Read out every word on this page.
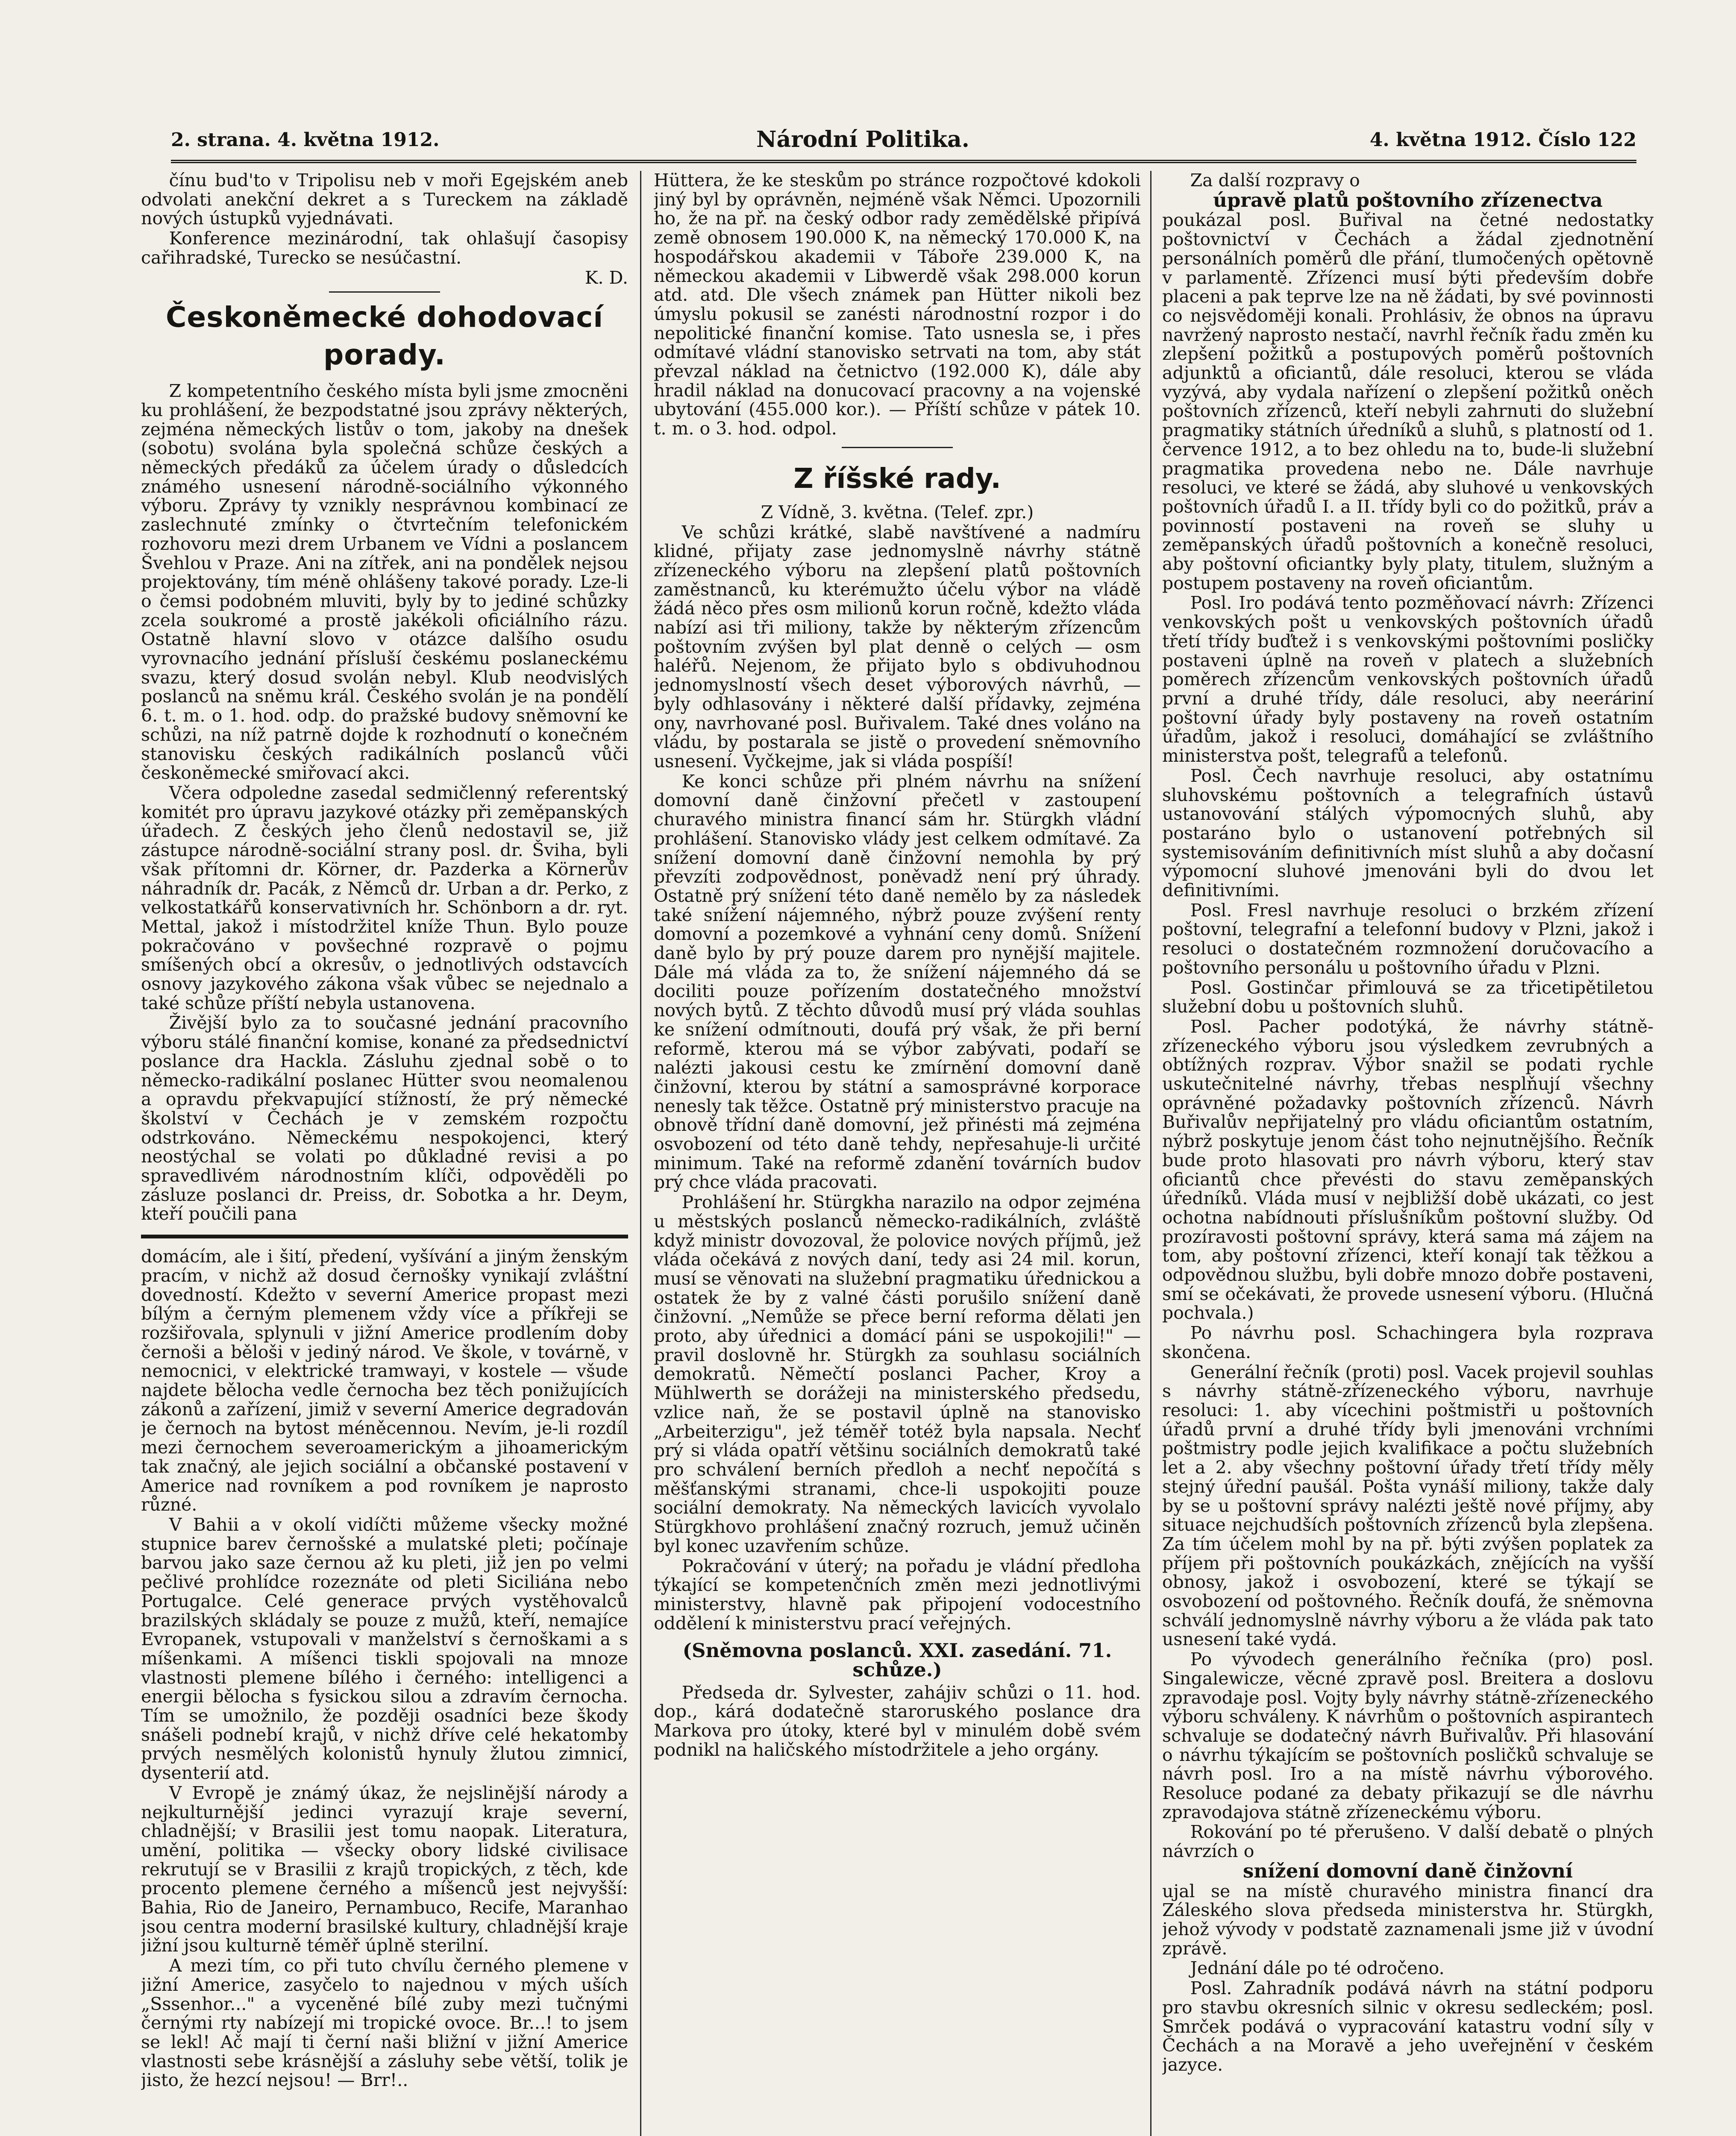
2. strana. 4. května 1912.	Národní Politika.	4. května 1912. Číslo 122

čínu bud'to v Tripolisu neb v moři Egejském aneb odvolati anekční dekret a s Tureckem na základě nových ústupků vyjednávati.

Konference mezinárodní, tak ohlašují časopisy cařihradské, Turecko se nesúčastní.

K. D.

Českoněmecké dohodovací porady.

Z kompetentního českého místa byli jsme zmocněni ku prohlášení, že bezpodstatné jsou zprávy některých, zejména německých listův o tom, jakoby na dnešek (sobotu) svolána byla společná schůze českých a německých předáků za účelem úrady o důsledcích známého usnesení národně-sociálního výkonného výboru. Zprávy ty vznikly nesprávnou kombinací ze zaslechnuté zmínky o čtvrtečním telefonickém rozhovoru mezi drem Urbanem ve Vídni a poslancem Švehlou v Praze. Ani na zítřek, ani na pondělek nejsou projektovány, tím méně ohlášeny takové porady. Lze-li o čemsi podobném mluviti, byly by to jediné schůzky zcela soukromé a prostě jakékoli oficiálního rázu. Ostatně hlavní slovo v otázce dalšího osudu vyrovnacího jednání přísluší českému poslaneckému svazu, který dosud svolán nebyl. Klub neodvislých poslanců na sněmu král. Českého svolán je na pondělí 6. t. m. o 1. hod. odp. do pražské budovy sněmovní ke schůzi, na níž patrně dojde k rozhodnutí o konečném stanovisku českých radikálních poslanců vůči českoněmecké smiřovací akci.

Včera odpoledne zasedal sedmičlenný referentský komitét pro úpravu jazykové otázky při zeměpanských úřadech. Z českých jeho členů nedostavil se, již zástupce národně-sociální strany posl. dr. Šviha, byli však přítomni dr. Körner, dr. Pazderka a Körnerův náhradník dr. Pacák, z Němců dr. Urban a dr. Perko, z velkostatkářů konservativních hr. Schönborn a dr. ryt. Mettal, jakož i místodržitel kníže Thun. Bylo pouze pokračováno v povšechné rozpravě o pojmu smíšených obcí a okresův, o jednotlivých odstavcích osnovy jazykového zákona však vůbec se nejednalo a také schůze příští nebyla ustanovena.

Živější bylo za to současné jednání pracovního výboru stálé finanční komise, konané za předsednictví poslance dra Hackla. Zásluhu zjednal sobě o to německo-radikální poslanec Hütter svou neomalenou a opravdu překvapující stížností, že prý německé školství v Čechách je v zemském rozpočtu odstrkováno. Německému nespokojenci, který neostýchal se volati po důkladné revisi a po spravedlivém národnostním klíči, odpověděli po zásluze poslanci dr. Preiss, dr. Sobotka a hr. Deym, kteří poučili pana

domácím, ale i šití, předení, vyšívání a jiným ženským pracím, v nichž až dosud černošky vynikají zvláštní dovedností. Kdežto v severní Americe propast mezi bílým a černým plemenem vždy více a příkřeji se rozšiřovala, splynuli v jižní Americe prodlením doby černoši a běloši v jediný národ. Ve škole, v továrně, v nemocnici, v elektrické tramwayi, v kostele — všude najdete bělocha vedle černocha bez těch ponižujících zákonů a zařízení, jimiž v severní Americe degradován je černoch na bytost méněcennou. Nevím, je-li rozdíl mezi černochem severoamerickým a jihoamerickým tak značný, ale jejich sociální a občanské postavení v Americe nad rovníkem a pod rovníkem je naprosto různé.

V Bahii a v okolí vidíčti můžeme všecky možné stupnice barev černošské a mulatské pleti; počínaje barvou jako saze černou až ku pleti, již jen po velmi pečlivé prohlídce rozeznáte od pleti Siciliána nebo Portugalce. Celé generace prvých vystěhovalců brazilských skládaly se pouze z mužů, kteří, nemajíce Evropanek, vstupovali v manželství s černoškami a s míšenkami. A míšenci tiskli spojovali na mnoze vlastnosti plemene bílého i černého: intelligenci a energii bělocha s fysickou silou a zdravím černocha. Tím se umožnilo, že později osadníci beze škody snášeli podnebí krajů, v nichž dříve celé hekatomby prvých nesmělých kolonistů hynuly žlutou zimnicí, dysenterií atd.

V Evropě je známý úkaz, že nejslinější národy a nejkulturnější jedinci vyrazují kraje severní, chladnější; v Brasilii jest tomu naopak. Literatura, umění, politika — všecky obory lidské civilisace rekrutují se v Brasilii z krajů tropických, z těch, kde procento plemene černého a míšenců jest nejvyšší: Bahia, Rio de Janeiro, Pernambuco, Recife, Maranhao jsou centra moderní brasilské kultury, chladnější kraje jižní jsou kulturně téměř úplně sterilní.

A mezi tím, co při tuto chvílu černého plemene v jižní Americe, zasyčelo to najednou v mých uších „Sssenhor..." a vyceněné bílé zuby mezi tučnými černými rty nabízejí mi tropické ovoce. Br...! to jsem se lekl! Ač mají ti černí naši bližní v jižní Americe vlastnosti sebe krásnější a zásluhy sebe větší, tolik je jisto, že hezcí nejsou! — Brr!..

Hüttera, že ke steskům po stránce rozpočtové kdokoli jiný byl by oprávněn, nejméně však Němci. Upozornili ho, že na př. na český odbor rady zemědělské připívá země obnosem 190.000 K, na německý 170.000 K, na hospodářskou akademii v Táboře 239.000 K, na německou akademii v Libwerdě však 298.000 korun atd. atd. Dle všech známek pan Hütter nikoli bez úmyslu pokusil se zanésti národnostní rozpor i do nepolitické finanční komise. Tato usnesla se, i přes odmítavé vládní stanovisko setrvati na tom, aby stát převzal náklad na četnictvo (192.000 K), dále aby hradil náklad na donucovací pracovny a na vojenské ubytování (455.000 kor.). — Příští schůze v pátek 10. t. m. o 3. hod. odpol.

Z říšské rady.

Z Vídně, 3. května. (Telef. zpr.)

Ve schůzi krátké, slabě navštívené a nadmíru klidné, přijaty zase jednomyslně návrhy státně zřízeneckého výboru na zlepšení platů poštovních zaměstnanců, ku kterémužto účelu výbor na vládě žádá něco přes osm milionů korun ročně, kdežto vláda nabízí asi tři miliony, takže by některým zřízencům poštovním zvýšen byl plat denně o celých — osm haléřů. Nejenom, že přijato bylo s obdivuhodnou jednomyslností všech deset výborových návrhů, — byly odhlasovány i některé další přídavky, zejména ony, navrhované posl. Buřivalem. Také dnes voláno na vládu, by postarala se jistě o provedení sněmovního usnesení. Vyčkejme, jak si vláda pospíší!

Ke konci schůze při plném návrhu na snížení domovní daně činžovní přečetl v zastoupení churavého ministra financí sám hr. Stürgkh vládní prohlášení. Stanovisko vlády jest celkem odmítavé. Za snížení domovní daně činžovní nemohla by prý převzíti zodpovědnost, poněvadž není prý úhrady. Ostatně prý snížení této daně nemělo by za následek také snížení nájemného, nýbrž pouze zvýšení renty domovní a pozemkové a vyhnání ceny domů. Snížení daně bylo by prý pouze darem pro nynější majitele. Dále má vláda za to, že snížení nájemného dá se dociliti pouze pořízením dostatečného množství nových bytů. Z těchto důvodů musí prý vláda souhlas ke snížení odmítnouti, doufá prý však, že při berní reformě, kterou má se výbor zabývati, podaří se nalézti jakousi cestu ke zmírnění domovní daně činžovní, kterou by státní a samosprávné korporace nenesly tak těžce. Ostatně prý ministerstvo pracuje na obnově třídní daně domovní, jež přinésti má zejména osvobození od této daně tehdy, nepřesahuje-li určité minimum. Také na reformě zdanění továrních budov prý chce vláda pracovati.

Prohlášení hr. Stürgkha narazilo na odpor zejména u městských poslanců německo-radikálních, zvláště když ministr dovozoval, že polovice nových příjmů, jež vláda očekává z nových daní, tedy asi 24 mil. korun, musí se věnovati na služební pragmatiku úřednickou a ostatek že by z valné části porušilo snížení daně činžovní. „Nemůže se přece berní reforma dělati jen proto, aby úřednici a domácí páni se uspokojili!" — pravil doslovně hr. Stürgkh za souhlasu sociálních demokratů. Němečtí poslanci Pacher, Kroy a Mühlwerth se dorážeji na ministerského předsedu, vzlice naň, že se postavil úplně na stanovisko „Arbeiterzigu", jež téměř totéž byla napsala. Nechť prý si vláda opatří většinu sociálních demokratů také pro schválení berních předloh a nechť nepočítá s měšťanskými stranami, chce-li uspokojiti pouze sociální demokraty. Na německých lavicích vyvolalo Stürgkhovo prohlášení značný rozruch, jemuž učiněn byl konec uzavřením schůze.

Pokračování v úterý; na pořadu je vládní předloha týkající se kompetenčních změn mezi jednotlivými ministerstvy, hlavně pak připojení vodocestního oddělení k ministerstvu prací veřejných.

(Sněmovna poslanců. XXI. zasedání. 71. schůze.)

Předseda dr. Sylvester, zahájiv schůzi o 11. hod. dop., kárá dodatečně staroruského poslance dra Markova pro útoky, které byl v minulém době svém podnikl na haličského místodržitele a jeho orgány.

Za další rozpravy o

úpravě platů poštovního zřízenectva

poukázal posl. Buřival na četné nedostatky poštovnictví v Čechách a žádal zjednotnění personálních poměrů dle přání, tlumočených opětovně v parlamentě. Zřízenci musí býti především dobře placeni a pak teprve lze na ně žádati, by své povinnosti co nejsvědoměji konali. Prohlásiv, že obnos na úpravu navržený naprosto nestačí, navrhl řečník řadu změn ku zlepšení požitků a postupových poměrů poštovních adjunktů a oficiantů, dále resoluci, kterou se vláda vyzývá, aby vydala nařízení o zlepšení požitků oněch poštovních zřízenců, kteří nebyli zahrnuti do služební pragmatiky státních úředníků a sluhů, s platností od 1. července 1912, a to bez ohledu na to, bude-li služební pragmatika provedena nebo ne. Dále navrhuje resoluci, ve které se žádá, aby sluhové u venkovských poštovních úřadů I. a II. třídy byli co do požitků, práv a povinností postaveni na roveň se sluhy u zeměpanských úřadů poštovních a konečně resoluci, aby poštovní oficiantky byly platy, titulem, služným a postupem postaveny na roveň oficiantům.

Posl. Iro podává tento pozměňovací návrh: Zřízenci venkovských pošt u venkovských poštovních úřadů třetí třídy buďtež i s venkovskými poštovními posličky postaveni úplně na roveň v platech a služebních poměrech zřízencům venkovských poštovních úřadů první a druhé třídy, dále resoluci, aby neeráriní poštovní úřady byly postaveny na roveň ostatním úřadům, jakož i resoluci, domáhající se zvláštního ministerstva pošt, telegrafů a telefonů.

Posl. Čech navrhuje resoluci, aby ostatnímu sluhovskému poštovních a telegrafních ústavů ustanovování stálých výpomocných sluhů, aby postaráno bylo o ustanovení potřebných sil systemisováním definitivních míst sluhů a aby dočasní výpomocní sluhové jmenováni byli do dvou let definitivními.

Posl. Fresl navrhuje resoluci o brzkém zřízení poštovní, telegrafní a telefonní budovy v Plzni, jakož i resoluci o dostatečném rozmnožení doručovacího a poštovního personálu u poštovního úřadu v Plzni.

Posl. Gostinčar přimlouvá se za třicetipětiletou služební dobu u poštovních sluhů.

Posl. Pacher podotýká, že návrhy státně-zřízeneckého výboru jsou výsledkem zevrubných a obtížných rozprav. Výbor snažil se podati rychle uskutečnitelné návrhy, třebas nesplňují všechny oprávněné požadavky poštovních zřízenců. Návrh Buřivalův nepřijatelný pro vládu oficiantům ostatním, nýbrž poskytuje jenom část toho nejnutnějšího. Řečník bude proto hlasovati pro návrh výboru, který stav oficiantů chce převésti do stavu zeměpanských úředníků. Vláda musí v nejbližší době ukázati, co jest ochotna nabídnouti příslušníkům poštovní služby. Od prozíravosti poštovní správy, která sama má zájem na tom, aby poštovní zřízenci, kteří konají tak těžkou a odpovědnou službu, byli dobře mnozo dobře postaveni, smí se očekávati, že provede usnesení výboru. (Hlučná pochvala.)

Po návrhu posl. Schachingera byla rozprava skončena.

Generální řečník (proti) posl. Vacek projevil souhlas s návrhy státně-zřízeneckého výboru, navrhuje resoluci: 1. aby vícechini poštmistři u poštovních úřadů první a druhé třídy byli jmenováni vrchními poštmistry podle jejich kvalifikace a počtu služebních let a 2. aby všechny poštovní úřady třetí třídy měly stejný úřední paušál. Pošta vynáší miliony, takže daly by se u poštovní správy nalézti ještě nové příjmy, aby situace nejchudších poštovních zřízenců byla zlepšena. Za tím účelem mohl by na př. býti zvýšen poplatek za příjem při poštovních poukázkách, znějících na vyšší obnosy, jakož i osvobození, které se týkají se osvobození od poštovného. Řečník doufá, že sněmovna schválí jednomyslně návrhy výboru a že vláda pak tato usnesení také vydá.

Po vývodech generálního řečníka (pro) posl. Singalewicze, věcné zpravě posl. Breitera a doslovu zpravodaje posl. Vojty byly návrhy státně-zřízeneckého výboru schváleny. K návrhům o poštovních aspirantech schvaluje se dodatečný návrh Buřivalův. Při hlasování o návrhu týkajícím se poštovních posličků schvaluje se návrh posl. Iro a na místě návrhu výborového. Resoluce podané za debaty přikazují se dle návrhu zpravodajova státně zřízeneckému výboru.

Rokování po té přerušeno. V další debatě o plných návrzích o

snížení domovní daně činžovní

ujal se na místě churavého ministra financí dra Záleského slova předseda ministerstva hr. Stürgkh, jehož vývody v podstatě zaznamenali jsme již v úvodní zprávě.

Jednání dále po té odročeno.

Posl. Zahradník podává návrh na státní podporu pro stavbu okresních silnic v okresu sedleckém; posl. Smrček podává o vypracování katastru vodní síly v Čechách a na Moravě a jeho uveřejnění v českém jazyce.
